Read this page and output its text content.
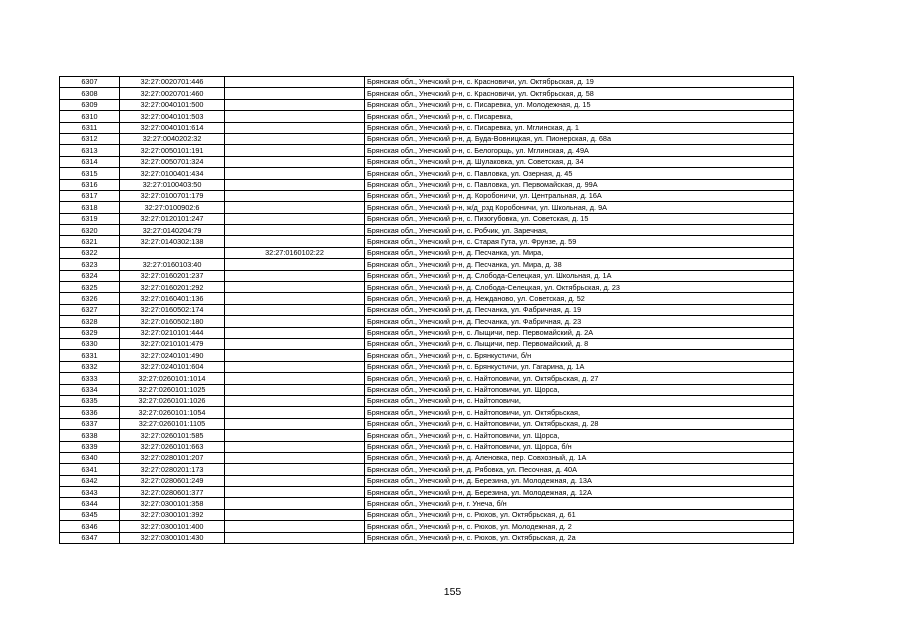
6307	32:27:0020701:446		Брянская обл., Унечский р-н, с. Красновичи, ул. Октябрьская, д. 19
6308	32:27:0020701:460		Брянская обл., Унечский р-н, с. Красновичи, ул. Октябрьская, д. 58
6309	32:27:0040101:500		Брянская обл., Унечский р-н, с. Писаревка, ул. Молодежная, д. 15
6310	32:27:0040101:503		Брянская обл., Унечский р-н, с. Писаревка,
6311	32:27:0040101:614		Брянская обл., Унечский р-н, с. Писаревка, ул. Мглинская, д. 1
6312	32:27:0040202:32		Брянская обл., Унечский р-н, д. Буда-Вовницкая, ул. Пионерская, д. 68а
6313	32:27:0050101:191		Брянская обл., Унечский р-н, с. Белогорщь, ул. Мглинская, д. 49А
6314	32:27:0050701:324		Брянская обл., Унечский р-н, д. Шулаковка, ул. Советская, д. 34
6315	32:27:0100401:434		Брянская обл., Унечский р-н, с. Павловка, ул. Озерная, д. 45
6316	32:27:0100403:50		Брянская обл., Унечский р-н, с. Павловка, ул. Первомайская, д. 99А
6317	32:27:0100701:179		Брянская обл., Унечский р-н, д. Коробоничи, ул. Центральная, д. 16А
6318	32:27:0100902:6		Брянская обл., Унечский р-н, ж/д_рзд Коробоничи, ул. Школьная, д. 9А
6319	32:27:0120101:247		Брянская обл., Унечский р-н, с. Пизогубовка, ул. Советская, д. 15
6320	32:27:0140204:79		Брянская обл., Унечский р-н, с. Робчик, ул. Заречная,
6321	32:27:0140302:138		Брянская обл., Унечский р-н, с. Старая Гута, ул. Фрунзе, д. 59
6322		32:27:0160102:22	Брянская обл., Унечский р-н, д. Песчанка, ул. Мира,
6323	32:27:0160103:40		Брянская обл., Унечский р-н, д. Песчанка, ул. Мира, д. 38
6324	32:27:0160201:237		Брянская обл., Унечский р-н, д. Слобода-Селецкая, ул. Школьная, д. 1А
6325	32:27:0160201:292		Брянская обл., Унечский р-н, д. Слобода-Селецкая, ул. Октябрьская, д. 23
6326	32:27:0160401:136		Брянская обл., Унечский р-н, д. Нежданово, ул. Советская, д. 52
6327	32:27:0160502:174		Брянская обл., Унечский р-н, д. Песчанка, ул. Фабричная, д. 19
6328	32:27:0160502:180		Брянская обл., Унечский р-н, д. Песчанка, ул. Фабричная, д. 23
6329	32:27:0210101:444		Брянская обл., Унечский р-н, с. Лыщичи, пер. Первомайский, д. 2А
6330	32:27:0210101:479		Брянская обл., Унечский р-н, с. Лыщичи, пер. Первомайский, д. 8
6331	32:27:0240101:490		Брянская обл., Унечский р-н, с. Брянкустичи, б/н
6332	32:27:0240101:604		Брянская обл., Унечский р-н, с. Брянкустичи, ул. Гагарина, д. 1А
6333	32:27:0260101:1014		Брянская обл., Унечский р-н, с. Найтоповичи, ул. Октябрьская, д. 27
6334	32:27:0260101:1025		Брянская обл., Унечский р-н, с. Найтоповичи, ул. Щорса,
6335	32:27:0260101:1026		Брянская обл., Унечский р-н, с. Найтоповичи,
6336	32:27:0260101:1054		Брянская обл., Унечский р-н, с. Найтоповичи, ул. Октябрьская,
6337	32:27:0260101:1105		Брянская обл., Унечский р-н, с. Найтоповичи, ул. Октябрьская, д. 28
6338	32:27:0260101:585		Брянская обл., Унечский р-н, с. Найтоповичи, ул. Щорса,
6339	32:27:0260101:663		Брянская обл., Унечский р-н, с. Найтоповичи, ул. Щорса, б/н
6340	32:27:0280101:207		Брянская обл., Унечский р-н, д. Аленовка, пер. Совхозный, д. 1А
6341	32:27:0280201:173		Брянская обл., Унечский р-н, д. Рябовка, ул. Песочная, д. 40А
6342	32:27:0280601:249		Брянская обл., Унечский р-н, д. Березина, ул. Молодежная, д. 13А
6343	32:27:0280601:377		Брянская обл., Унечский р-н, д. Березина, ул. Молодежная, д. 12А
6344	32:27:0300101:358		Брянская обл., Унечский р-н, г. Унеча, б/н
6345	32:27:0300101:392		Брянская обл., Унечский р-н, с. Рюхов, ул. Октябрьская, д. 61
6346	32:27:0300101:400		Брянская обл., Унечский р-н, с. Рюхов, ул. Молодежная, д. 2
6347	32:27:0300101:430		Брянская обл., Унечский р-н, с. Рюхов, ул. Октябрьская, д. 2а
155
